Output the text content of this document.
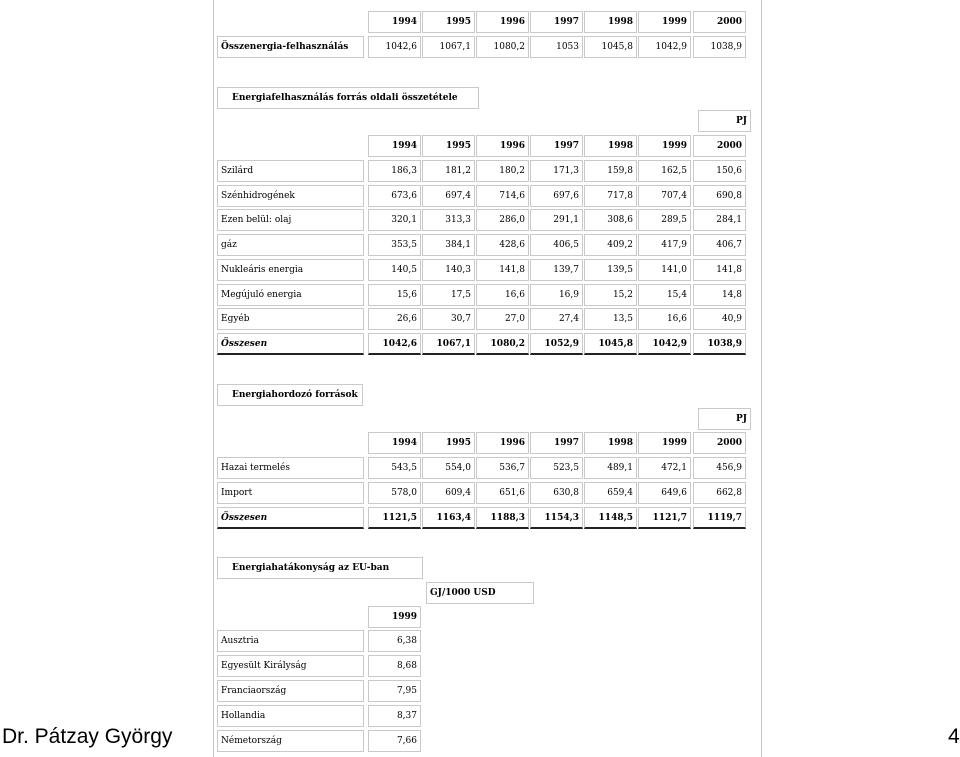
1994	1995	1996	1997	1998	1999	2000
Összenergia-felhasználás	1042,6	1067,1	1080,2	1053	1045,8	1042,9	1038,9
Energiafelhasználás forrás oldali összetétele
PJ
1994	1995	1996	1997	1998	1999	2000
Szilárd	186,3	181,2	180,2	171,3	159,8	162,5	150,6
Szénhidrogének	673,6	697,4	714,6	697,6	717,8	707,4	690,8
Ezen belül: olaj	320,1	313,3	286,0	291,1	308,6	289,5	284,1
gáz	353,5	384,1	428,6	406,5	409,2	417,9	406,7
Nukleáris energia	140,5	140,3	141,8	139,7	139,5	141,0	141,8
Megújuló energia	15,6	17,5	16,6	16,9	15,2	15,4	14,8
Egyéb	26,6	30,7	27,0	27,4	13,5	16,6	40,9
Összesen	1042,6	1067,1	1080,2	1052,9	1045,8	1042,9	1038,9
Energiahordozó források
PJ
1994	1995	1996	1997	1998	1999	2000
Hazai termelés	543,5	554,0	536,7	523,5	489,1	472,1	456,9
Import	578,0	609,4	651,6	630,8	659,4	649,6	662,8
Összesen	1121,5	1163,4	1188,3	1154,3	1148,5	1121,7	1119,7
Energiahatákonyság az EU-ban
GJ/1000 USD
1999
Ausztria	6,38
Egyesült Királyság	8,68
Franciaország	7,95
Hollandia	8,37
Németország	7,66
Dr. Pátzay György	4
